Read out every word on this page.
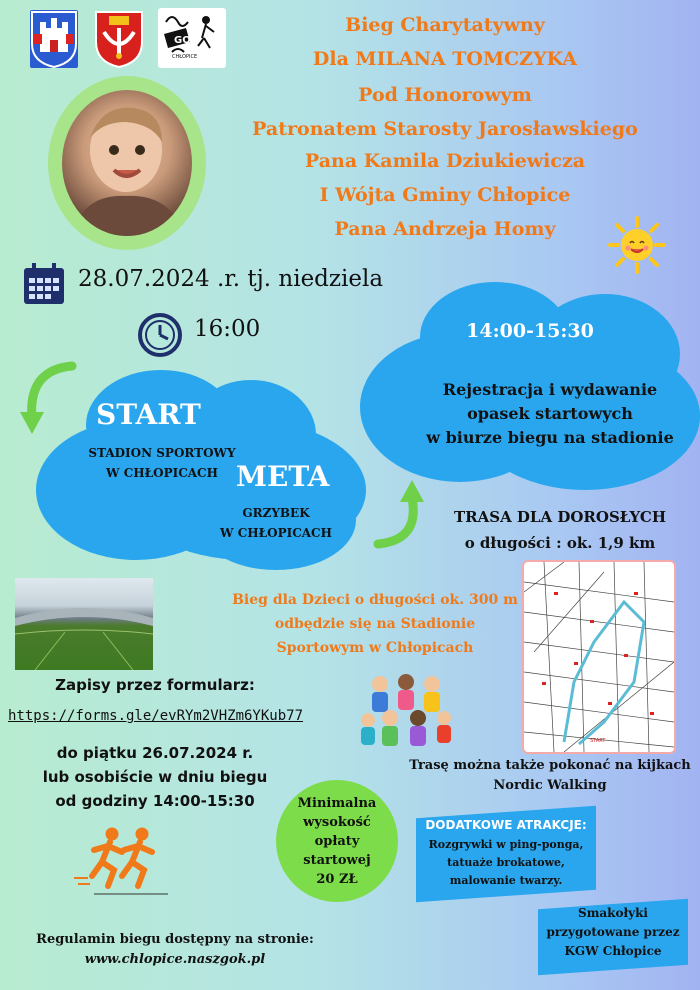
GOK
CHŁOPICE
Bieg Charytatywny
Dla MILANA TOMCZYKA
Pod Honorowym
Patronatem Starosty Jarosławskiego
Pana Kamila Dziukiewicza
I Wójta Gminy Chłopice
Pana Andrzeja Homy
28.07.2024 .r. tj. niedziela
16:00	14:00-15:30
Rejestracja i wydawanie
opasek startowych
w biurze biegu na stadionie
START
STADION SPORTOWY
W CHŁOPICACH META
GRZYBEK
W CHŁOPICACH
TRASA DLA DOROSŁYCH
o długości : ok. 1,9 km
START
Trasę można także pokonać na kijkach
Nordic Walking
Bieg dla Dzieci o długości ok. 300 m
odbędzie się na Stadionie
Sportowym w Chłopicach
Zapisy przez formularz:
https://forms.gle/evRYm2VHZm6YKub77
do piątku 26.07.2024 r.
lub osobiście w dniu biegu
od godziny 14:00-15:30	Minimalna
wysokość
opłaty
startowej
20 ZŁ
DODATKOWE ATRAKCJE:
Rozgrywki w ping-ponga,
tatuaże brokatowe,
malowanie twarzy.
Smakołyki
przygotowane przez
KGW Chłopice
Regulamin biegu dostępny na stronie:
www.chlopice.naszgok.pl
